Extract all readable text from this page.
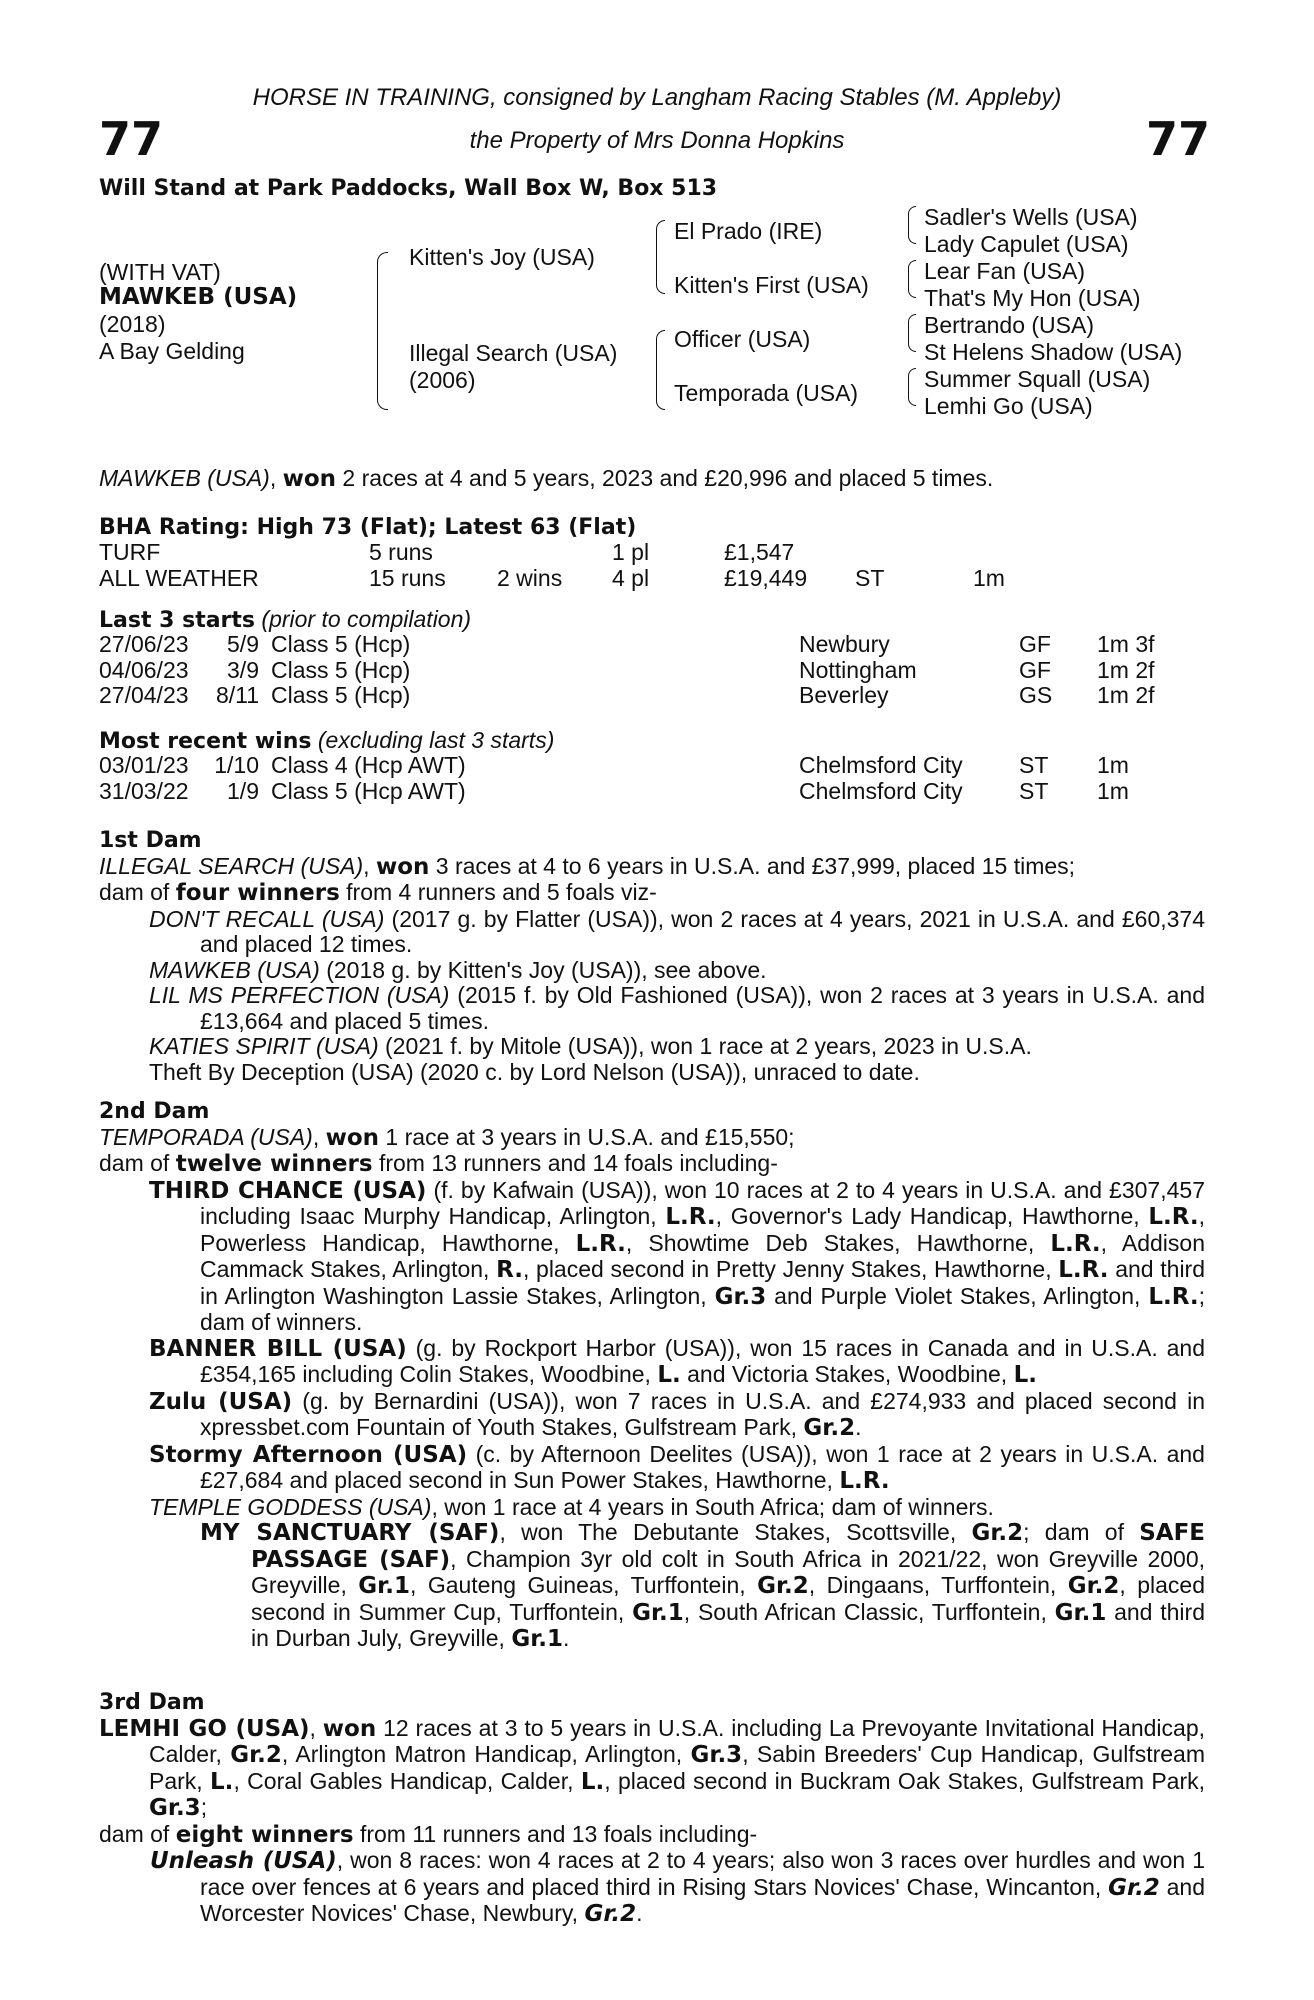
77	77
HORSE IN TRAINING, consigned by Langham Racing Stables (M. Appleby)
the Property of Mrs Donna Hopkins
Will Stand at Park Paddocks, Wall Box W, Box 513
(WITH VAT)
MAWKEB (USA)
(2018)
A Bay Gelding
Kitten's Joy (USA)
Illegal Search (USA)
(2006)
El Prado (IRE)
Kitten's First (USA)
Officer (USA)
Temporada (USA)
Sadler's Wells (USA)
Lady Capulet (USA)
Lear Fan (USA)
That's My Hon (USA)
Bertrando (USA)
St Helens Shadow (USA)
Summer Squall (USA)
Lemhi Go (USA)
MAWKEB (USA), won 2 races at 4 and 5 years, 2023 and £20,996 and placed 5 times.
BHA Rating: High 73 (Flat); Latest 63 (Flat)
TURF	5 runs		1 pl	£1,547		
ALL WEATHER	15 runs	2 wins	4 pl	£19,449	ST	1m
Last 3 starts (prior to compilation)
27/06/23	5/9	Class 5 (Hcp)	Newbury	GF	1m 3f
04/06/23	3/9	Class 5 (Hcp)	Nottingham	GF	1m 2f
27/04/23	8/11	Class 5 (Hcp)	Beverley	GS	1m 2f
Most recent wins (excluding last 3 starts)
03/01/23	1/10	Class 4 (Hcp AWT)	Chelmsford City	ST	1m
31/03/22	1/9	Class 5 (Hcp AWT)	Chelmsford City	ST	1m

1st Dam

ILLEGAL SEARCH (USA), won 3 races at 4 to 6 years in U.S.A. and £37,999, placed 15 times;

dam of four winners from 4 runners and 5 foals viz-

DON'T RECALL (USA) (2017 g. by Flatter (USA)), won 2 races at 4 years, 2021 in U.S.A. and £60,374 and placed 12 times.

MAWKEB (USA) (2018 g. by Kitten's Joy (USA)), see above.

LIL MS PERFECTION (USA) (2015 f. by Old Fashioned (USA)), won 2 races at 3 years in U.S.A. and £13,664 and placed 5 times.

KATIES SPIRIT (USA) (2021 f. by Mitole (USA)), won 1 race at 2 years, 2023 in U.S.A.

Theft By Deception (USA) (2020 c. by Lord Nelson (USA)), unraced to date.

2nd Dam

TEMPORADA (USA), won 1 race at 3 years in U.S.A. and £15,550;

dam of twelve winners from 13 runners and 14 foals including-

THIRD CHANCE (USA) (f. by Kafwain (USA)), won 10 races at 2 to 4 years in U.S.A. and £307,457 including Isaac Murphy Handicap, Arlington, L.R., Governor's Lady Handicap, Hawthorne, L.R., Powerless Handicap, Hawthorne, L.R., Showtime Deb Stakes, Hawthorne, L.R., Addison Cammack Stakes, Arlington, R., placed second in Pretty Jenny Stakes, Hawthorne, L.R. and third in Arlington Washington Lassie Stakes, Arlington, Gr.3 and Purple Violet Stakes, Arlington, L.R.; dam of winners.

BANNER BILL (USA) (g. by Rockport Harbor (USA)), won 15 races in Canada and in U.S.A. and £354,165 including Colin Stakes, Woodbine, L. and Victoria Stakes, Woodbine, L.

Zulu (USA) (g. by Bernardini (USA)), won 7 races in U.S.A. and £274,933 and placed second in xpressbet.com Fountain of Youth Stakes, Gulfstream Park, Gr.2.

Stormy Afternoon (USA) (c. by Afternoon Deelites (USA)), won 1 race at 2 years in U.S.A. and £27,684 and placed second in Sun Power Stakes, Hawthorne, L.R.

TEMPLE GODDESS (USA), won 1 race at 4 years in South Africa; dam of winners.

MY SANCTUARY (SAF), won The Debutante Stakes, Scottsville, Gr.2; dam of SAFE PASSAGE (SAF), Champion 3yr old colt in South Africa in 2021/22, won Greyville 2000, Greyville, Gr.1, Gauteng Guineas, Turffontein, Gr.2, Dingaans, Turffontein, Gr.2, placed second in Summer Cup, Turffontein, Gr.1, South African Classic, Turffontein, Gr.1 and third in Durban July, Greyville, Gr.1.

3rd Dam

LEMHI GO (USA), won 12 races at 3 to 5 years in U.S.A. including La Prevoyante Invitational Handicap, Calder, Gr.2, Arlington Matron Handicap, Arlington, Gr.3, Sabin Breeders' Cup Handicap, Gulfstream Park, L., Coral Gables Handicap, Calder, L., placed second in Buckram Oak Stakes, Gulfstream Park, Gr.3;

dam of eight winners from 11 runners and 13 foals including-

Unleash (USA), won 8 races: won 4 races at 2 to 4 years; also won 3 races over hurdles and won 1 race over fences at 6 years and placed third in Rising Stars Novices' Chase, Wincanton, Gr.2 and Worcester Novices' Chase, Newbury, Gr.2.
